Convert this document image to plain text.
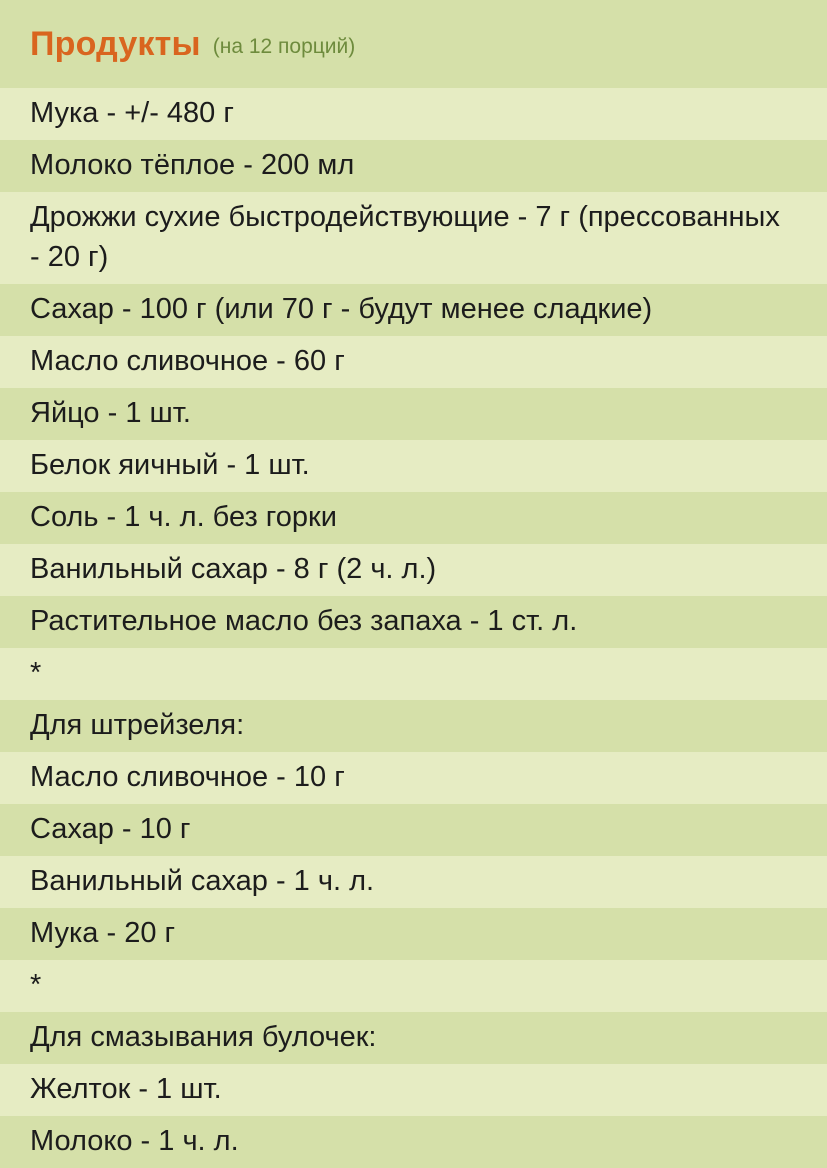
Продукты (на 12 порций)
Мука - +/- 480 г
Молоко тёплое - 200 мл
Дрожжи сухие быстродействующие - 7 г (прессованных - 20 г)
Сахар - 100 г (или 70 г - будут менее сладкие)
Масло сливочное - 60 г
Яйцо - 1 шт.
Белок яичный - 1 шт.
Соль - 1 ч. л. без горки
Ванильный сахар - 8 г (2 ч. л.)
Растительное масло без запаха - 1 ст. л.
*
Для штрейзеля:
Масло сливочное - 10 г
Сахар - 10 г
Ванильный сахар - 1 ч. л.
Мука - 20 г
*
Для смазывания булочек:
Желток - 1 шт.
Молоко - 1 ч. л.
